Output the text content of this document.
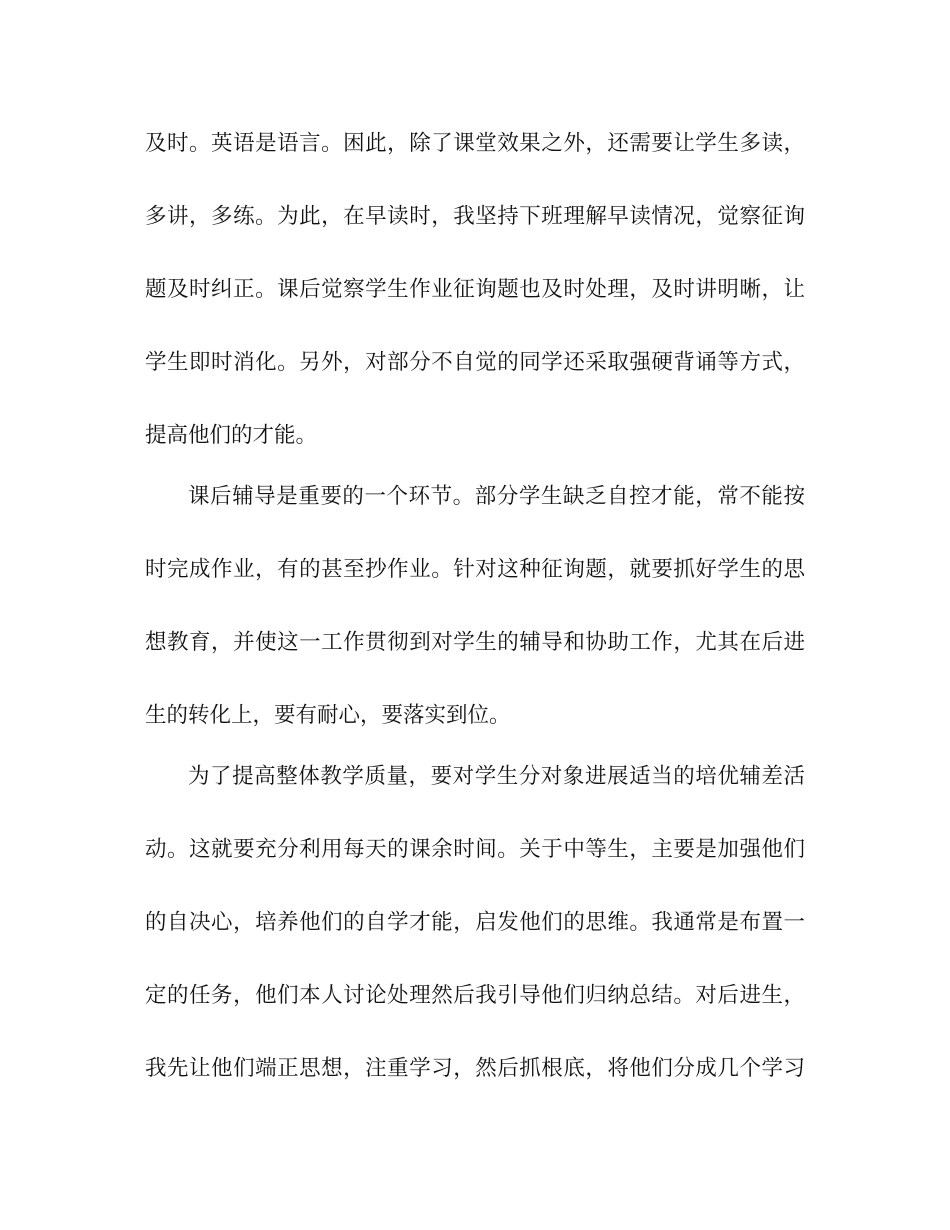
及时。英语是语言。困此，除了课堂效果之外，还需要让学生多读，
多讲，多练。为此，在早读时，我坚持下班理解早读情况，觉察征询
题及时纠正。课后觉察学生作业征询题也及时处理，及时讲明晰，让
学生即时消化。另外，对部分不自觉的同学还采取强硬背诵等方式，
提高他们的才能。
课后辅导是重要的一个环节。部分学生缺乏自控才能，常不能按
时完成作业，有的甚至抄作业。针对这种征询题，就要抓好学生的思
想教育，并使这一工作贯彻到对学生的辅导和协助工作，尤其在后进
生的转化上，要有耐心，要落实到位。
为了提高整体教学质量，要对学生分对象进展适当的培优辅差活
动。这就要充分利用每天的课余时间。关于中等生，主要是加强他们
的自决心，培养他们的自学才能，启发他们的思维。我通常是布置一
定的任务，他们本人讨论处理然后我引导他们归纳总结。对后进生，
我先让他们端正思想，注重学习，然后抓根底，将他们分成几个学习
